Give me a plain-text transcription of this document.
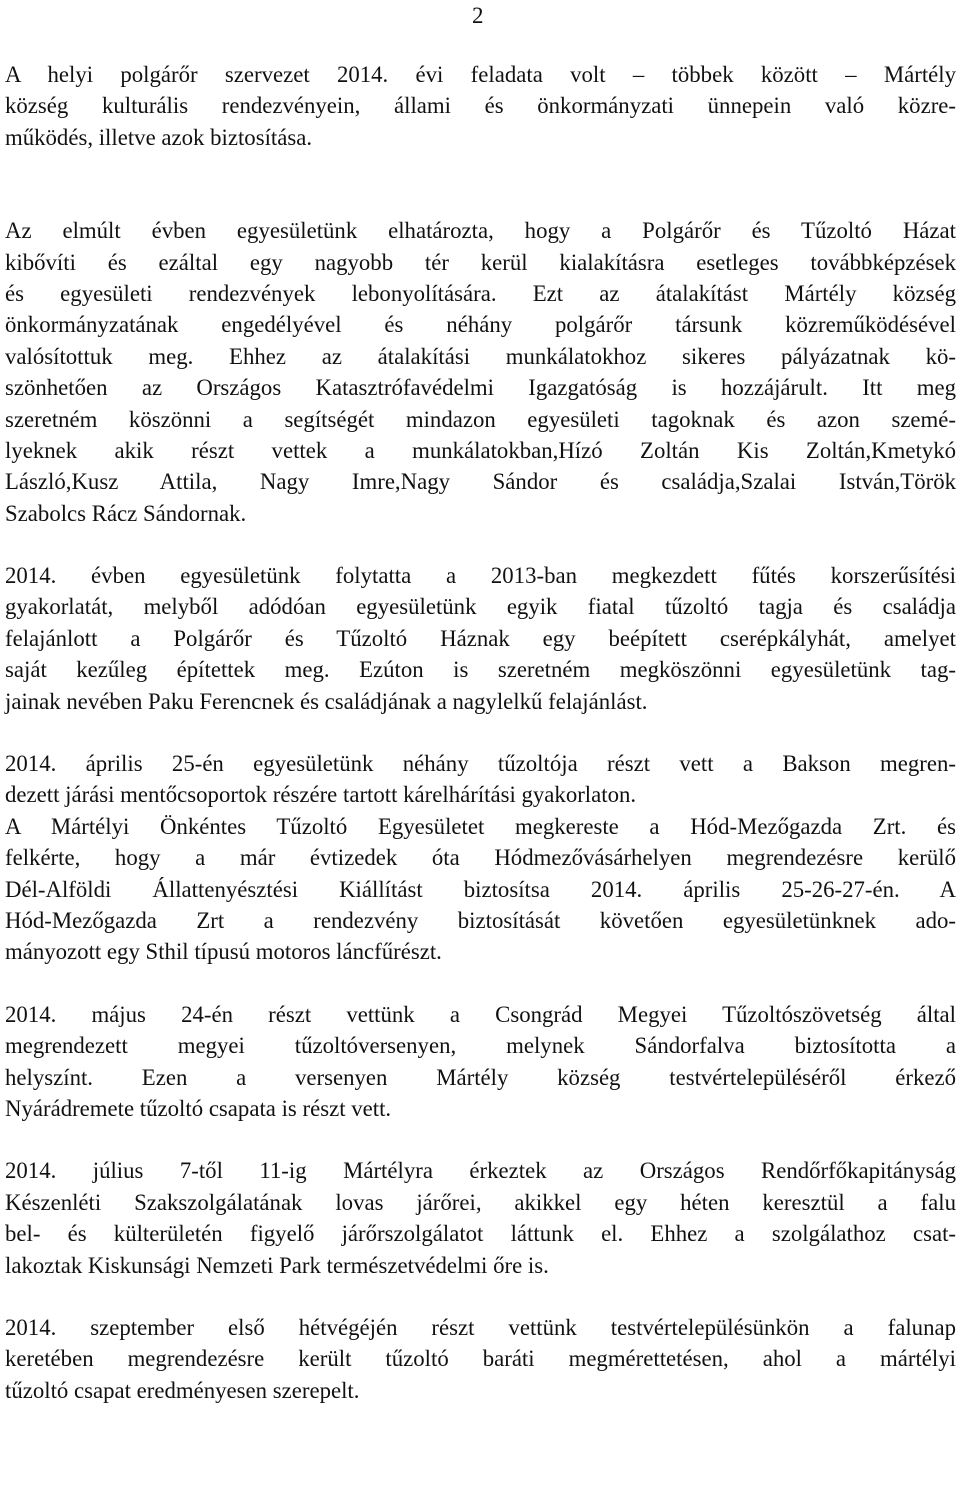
2

A helyi polgárőr szervezet 2014. évi feladata volt – többek között – Mártély
község kulturális rendezvényein, állami és önkormányzati ünnepein való közre-
működés, illetve azok biztosítása.

Az elmúlt évben egyesületünk elhatározta, hogy a Polgárőr és Tűzoltó Házat
kibővíti és ezáltal egy nagyobb tér kerül kialakításra esetleges továbbképzések
és egyesületi rendezvények lebonyolítására. Ezt az átalakítást Mártély község
önkormányzatának engedélyével és néhány polgárőr társunk közreműködésével
valósítottuk meg. Ehhez az átalakítási munkálatokhoz sikeres pályázatnak kö-
szönhetően az Országos Katasztrófavédelmi Igazgatóság is hozzájárult. Itt meg
szeretném köszönni a segítségét mindazon egyesületi tagoknak és azon szemé-
lyeknek akik részt vettek a munkálatokban,Hízó Zoltán Kis Zoltán,Kmetykó
László,Kusz Attila, Nagy Imre,Nagy Sándor és családja,Szalai István,Török
Szabolcs Rácz Sándornak.

2014. évben egyesületünk folytatta a 2013-ban megkezdett fűtés korszerűsítési
gyakorlatát, melyből adódóan egyesületünk egyik fiatal tűzoltó tagja és családja
felajánlott a Polgárőr és Tűzoltó Háznak egy beépített cserépkályhát, amelyet
saját kezűleg építettek meg. Ezúton is szeretném megköszönni egyesületünk tag-
jainak nevében Paku Ferencnek és családjának a nagylelkű felajánlást.

2014. április 25-én egyesületünk néhány tűzoltója részt vett a Bakson megren-
dezett járási mentőcsoportok részére tartott kárelhárítási gyakorlaton.
A Mártélyi Önkéntes Tűzoltó Egyesületet megkereste a Hód-Mezőgazda Zrt. és
felkérte, hogy a már évtizedek óta Hódmezővásárhelyen megrendezésre kerülő
Dél-Alföldi Állattenyésztési Kiállítást biztosítsa 2014. április 25-26-27-én. A
Hód-Mezőgazda Zrt a rendezvény biztosítását követően egyesületünknek ado-
mányozott egy Sthil típusú motoros láncfűrészt.

2014. május 24-én részt vettünk a Csongrád Megyei Tűzoltószövetség által
megrendezett megyei tűzoltóversenyen, melynek Sándorfalva biztosította a
helyszínt. Ezen a versenyen Mártély község testvértelepüléséről érkező
Nyárádremete tűzoltó csapata is részt vett.

2014. július 7-től 11-ig Mártélyra érkeztek az Országos Rendőrfőkapitányság
Készenléti Szakszolgálatának lovas járőrei, akikkel egy héten keresztül a falu
bel- és külterületén figyelő járőrszolgálatot láttunk el. Ehhez a szolgálathoz csat-
lakoztak Kiskunsági Nemzeti Park természetvédelmi őre is.

2014. szeptember első hétvégéjén részt vettünk testvértelepülésünkön a falunap
keretében megrendezésre került tűzoltó baráti megmérettetésen, ahol a mártélyi
tűzoltó csapat eredményesen szerepelt.
